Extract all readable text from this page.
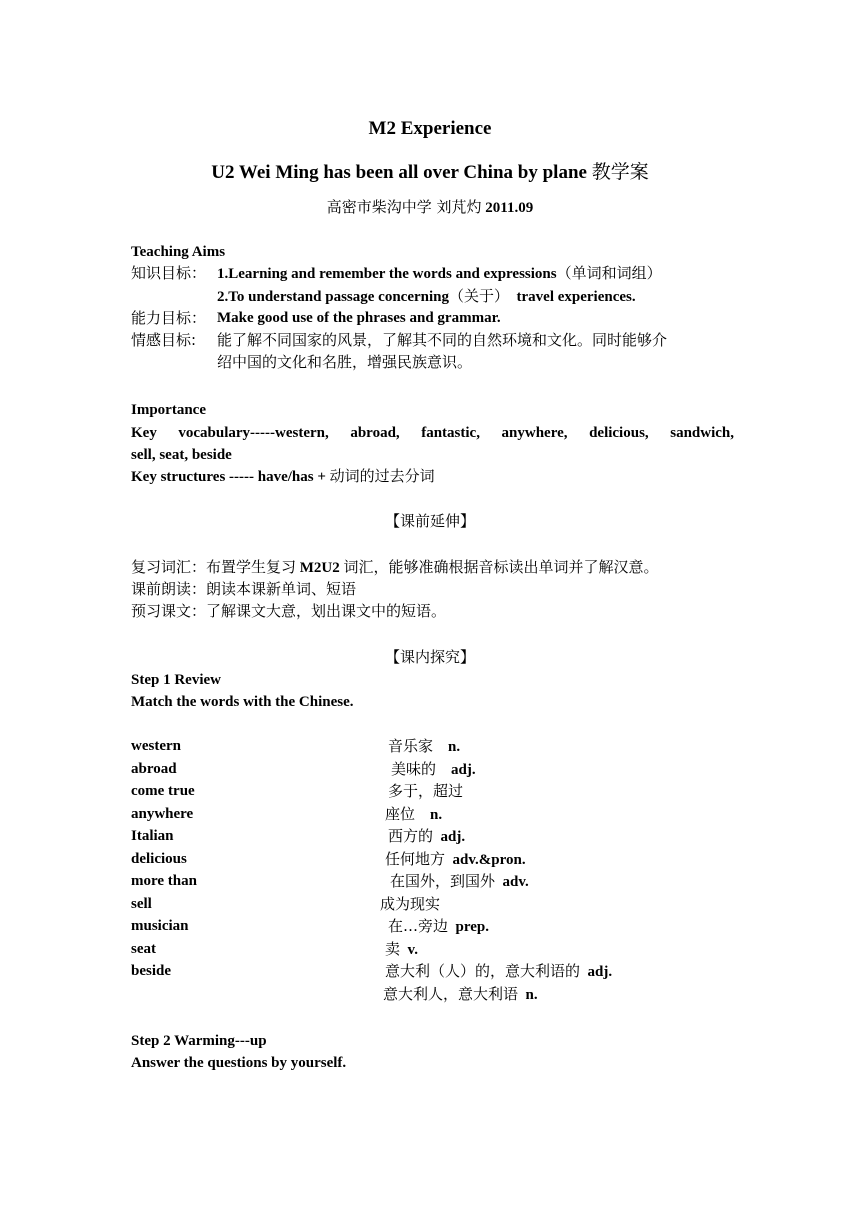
M2 Experience
U2 Wei Ming has been all over China by plane 教学案
高密市柴沟中学 刘芃灼 2011.09
Teaching Aims
知识目标： 1.Learning and remember the words and expressions（单词和词组）
2.To understand passage concerning（关于） travel experiences.
能力目标： Make good use of the phrases and grammar.
情感目标: 能了解不同国家的风景，了解其不同的自然环境和文化。同时能够介
绍中国的文化和名胜，增强民族意识。
Importance
Key vocabulary-----western, abroad, fantastic, anywhere, delicious, sandwich,
sell, seat, beside
Key structures ----- have/has + 动词的过去分词
【课前延伸】
复习词汇：布置学生复习 M2U2 词汇，能够准确根据音标读出单词并了解汉意。
课前朗读：朗读本课新单词、短语
预习课文：了解课文大意，划出课文中的短语。
【课内探究】
Step 1 Review
Match the words with the Chinese.
western
abroad
come true
anywhere
Italian
delicious
more than
sell
musician
seat
beside
音乐家 n.
美味的 adj.
多于，超过
座位 n.
西方的 adj.
任何地方 adv.&pron.
在国外，到国外 adv.
成为现实
在…旁边 prep.
卖 v.
意大利（人）的，意大利语的 adj.
意大利人，意大利语 n.
Step 2 Warming---up
Answer the questions by yourself.
